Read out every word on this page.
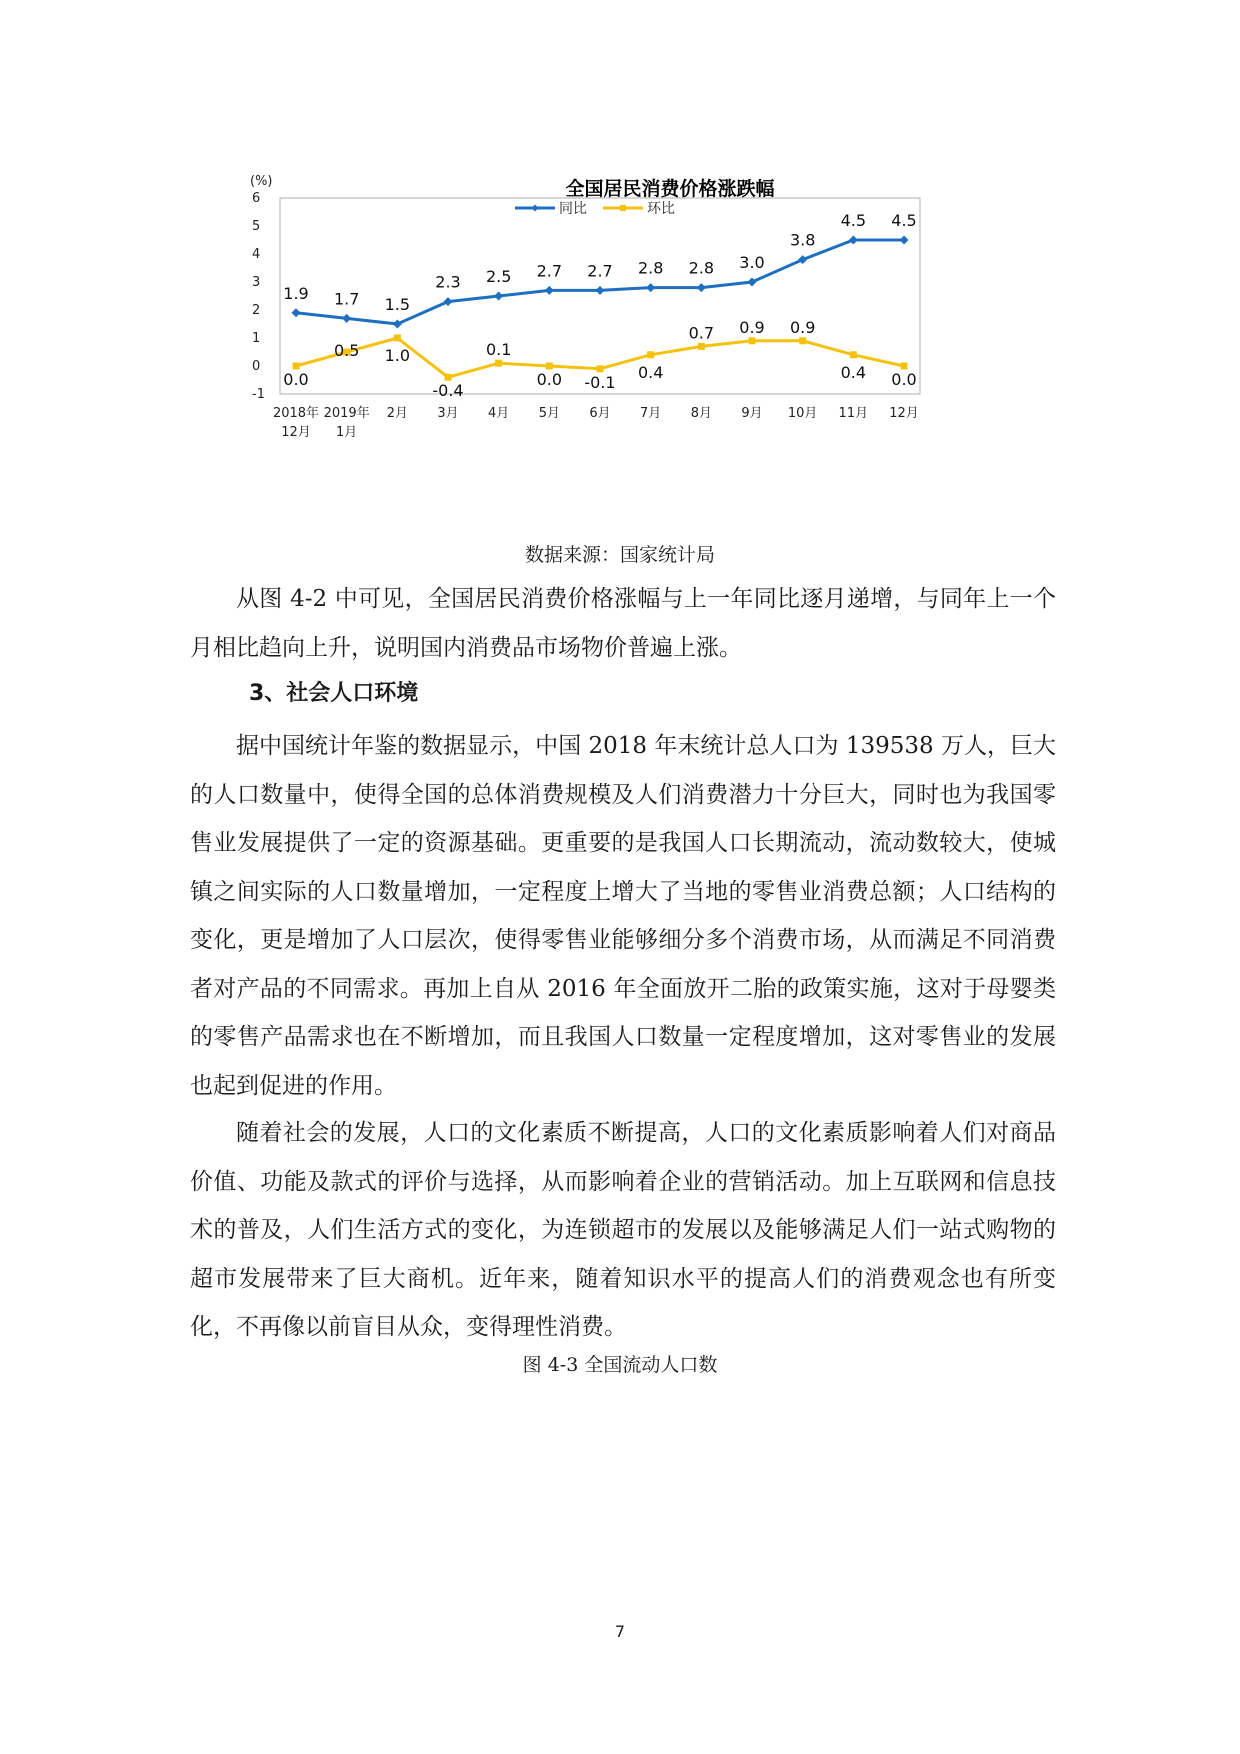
全国居民消费价格涨跌幅
(%)
6
5
4
3
2
1
0
-1
2018年
12月
2019年
1月
2月 3月 4月 5月 6月 7月 8月 9月 10月 11月 12月
同比	环比
1.9 1.7 1.5
2.3 2.5 2.7 2.7 2.8 2.8 3.0
3.8
4.5 4.5
0.0
0.5 1.0
-0.4
0.1
0.0 -0.1
0.4
0.7 0.9 0.9
0.4 0.0
数据来源：国家统计局

从图 4-2 中可见，全国居民消费价格涨幅与上一年同比逐月递增，与同年上一个月相比趋向上升，说明国内消费品市场物价普遍上涨。

3、社会人口环境

据中国统计年鉴的数据显示，中国 2018 年末统计总人口为 139538 万人，巨大的人口数量中，使得全国的总体消费规模及人们消费潜力十分巨大，同时也为我国零售业发展提供了一定的资源基础。更重要的是我国人口长期流动，流动数较大，使城镇之间实际的人口数量增加，一定程度上增大了当地的零售业消费总额；人口结构的变化，更是增加了人口层次，使得零售业能够细分多个消费市场，从而满足不同消费者对产品的不同需求。再加上自从 2016 年全面放开二胎的政策实施，这对于母婴类的零售产品需求也在不断增加，而且我国人口数量一定程度增加，这对零售业的发展也起到促进的作用。

随着社会的发展，人口的文化素质不断提高，人口的文化素质影响着人们对商品价值、功能及款式的评价与选择，从而影响着企业的营销活动。加上互联网和信息技术的普及，人们生活方式的变化，为连锁超市的发展以及能够满足人们一站式购物的超市发展带来了巨大商机。近年来，随着知识水平的提高人们的消费观念也有所变化，不再像以前盲目从众，变得理性消费。

图 4-3 全国流动人口数
7
